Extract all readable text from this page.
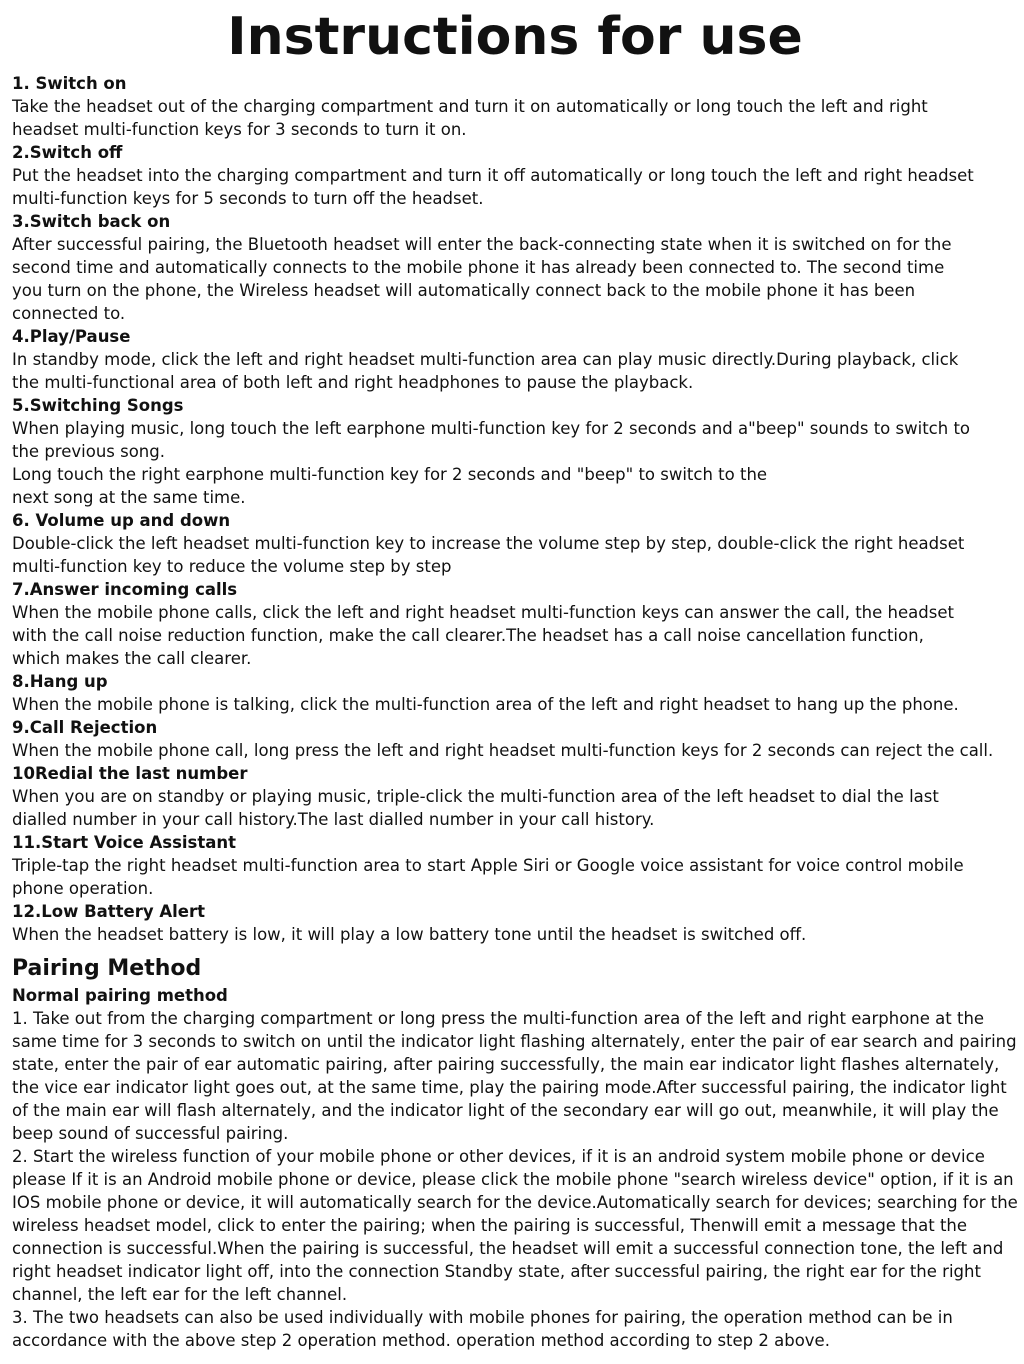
Instructions for use

1. Switch on

Take the headset out of the charging compartment and turn it on automatically or long touch the left and right
headset multi-function keys for 3 seconds to turn it on.

2.Switch off

Put the headset into the charging compartment and turn it off automatically or long touch the left and right headset
multi-function keys for 5 seconds to turn off the headset.

3.Switch back on

After successful pairing, the Bluetooth headset will enter the back-connecting state when it is switched on for the
second time and automatically connects to the mobile phone it has already been connected to. The second time
you turn on the phone, the Wireless headset will automatically connect back to the mobile phone it has been
connected to.

4.Play/Pause

In standby mode, click the left and right headset multi-function area can play music directly.During playback, click
the multi-functional area of both left and right headphones to pause the playback.

5.Switching Songs

When playing music, long touch the left earphone multi-function key for 2 seconds and a"beep" sounds to switch to
the previous song.
Long touch the right earphone multi-function key for 2 seconds and "beep" to switch to the
next song at the same time.

6. Volume up and down

Double-click the left headset multi-function key to increase the volume step by step, double-click the right headset
multi-function key to reduce the volume step by step

7.Answer incoming calls

When the mobile phone calls, click the left and right headset multi-function keys can answer the call, the headset
with the call noise reduction function, make the call clearer.The headset has a call noise cancellation function,
which makes the call clearer.

8.Hang up

When the mobile phone is talking, click the multi-function area of the left and right headset to hang up the phone.

9.Call Rejection

When the mobile phone call, long press the left and right headset multi-function keys for 2 seconds can reject the call.

10Redial the last number

When you are on standby or playing music, triple-click the multi-function area of the left headset to dial the last
dialled number in your call history.The last dialled number in your call history.

11.Start Voice Assistant

Triple-tap the right headset multi-function area to start Apple Siri or Google voice assistant for voice control mobile
phone operation.

12.Low Battery Alert

When the headset battery is low, it will play a low battery tone until the headset is switched off.

Pairing Method

Normal pairing method

1. Take out from the charging compartment or long press the multi-function area of the left and right earphone at the same time for 3 seconds to switch on until the indicator light flashing alternately, enter the pair of ear search and pairing state, enter the pair of ear automatic pairing, after pairing successfully, the main ear indicator light flashes alternately, the vice ear indicator light goes out, at the same time, play the pairing mode.After successful pairing, the indicator light of the main ear will flash alternately, and the indicator light of the secondary ear will go out, meanwhile, it will play the beep sound of successful pairing.

2. Start the wireless function of your mobile phone or other devices, if it is an android system mobile phone or device please If it is an Android mobile phone or device, please click the mobile phone "search wireless device" option, if it is an IOS mobile phone or device, it will automatically search for the device.Automatically search for devices; searching for the wireless headset model, click to enter the pairing; when the pairing is successful, Thenwill emit a message that the connection is successful.When the pairing is successful, the headset will emit a successful connection tone, the left and right headset indicator light off, into the connection Standby state, after successful pairing, the right ear for the right channel, the left ear for the left channel.

3. The two headsets can also be used individually with mobile phones for pairing, the operation method can be in accordance with the above step 2 operation method. operation method according to step 2 above.
